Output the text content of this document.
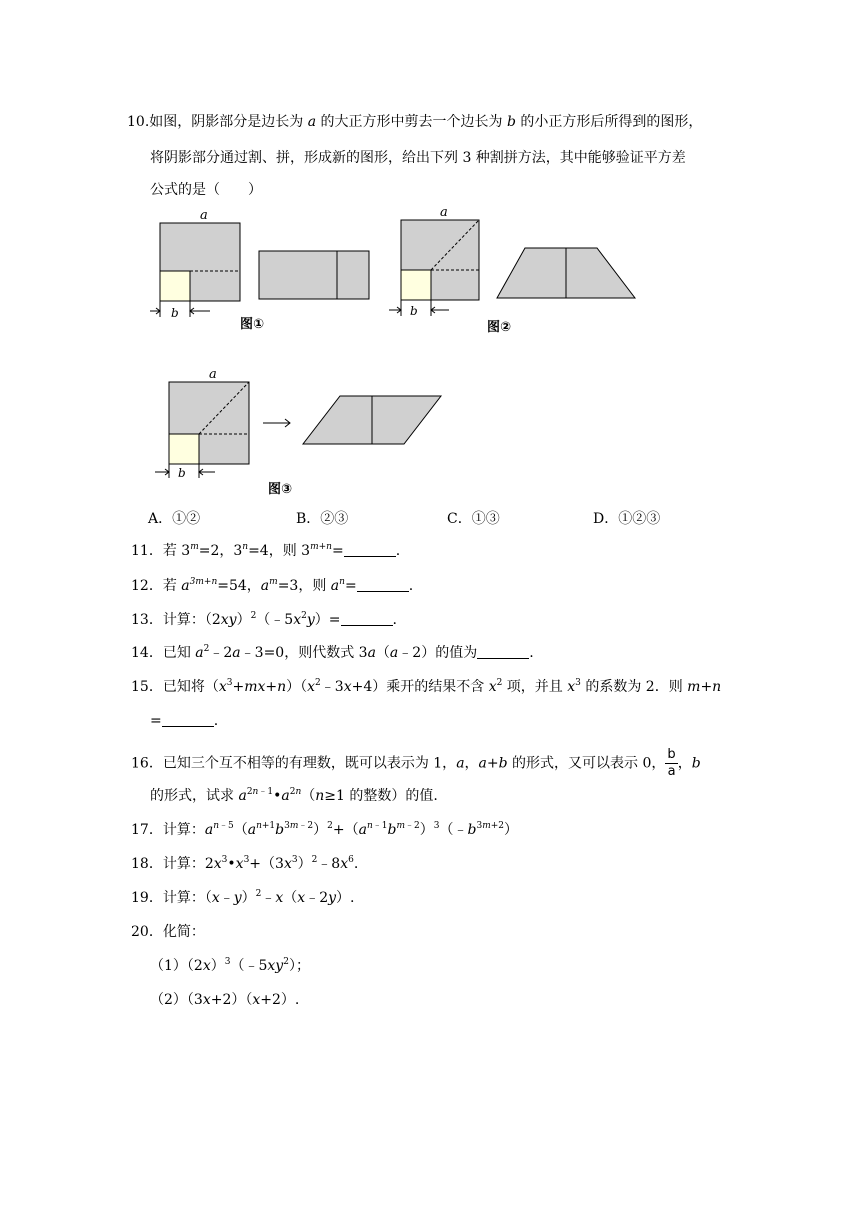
10.如图，阴影部分是边长为 a 的大正方形中剪去一个边长为 b 的小正方形后所得到的图形，
将阴影部分通过割、拼，形成新的图形，给出下列 3 种割拼方法，其中能够验证平方差
公式的是（　　）
a
b
图①
a
b
图②
a
b
图③
A．①②	B．②③	C．①③	D．①②③
11．若 $3^m=2$，$3^n=4$，则 $3^{m+n}=$	.
12．若 $a^{3m+n}=54$，$a^m=3$，则 $a^n=$	.
13．计算：$(2xy)^2(﹣5x^2y)=$	.
14．已知 $a^2﹣2a﹣3=0$，则代数式 3a（a﹣2）的值为	.
15．已知将$(x^3+mx+n)(x^2﹣3x+4)$乘开的结果不含 $x^2$ 项，并且 $x^3$ 的系数为 2．则 m+n
=	.
16．已知三个互不相等的有理数，既可以表示为 1，a，a+b 的形式，又可以表示 0， $\frac{b}{a}$ ，b
的形式，试求 $a^{2n﹣1}•a^{2n}(n\ge 1$ 的整数）的值.
17．计算：$a^{n﹣5}(a^{n+1}b^{3m﹣2})^2+(a^{n﹣1}b^{m﹣2})^3(﹣b^{3m+2})$
18．计算：$2x^3•x^3+(3x^3)^2﹣8x^6$.
19．计算：（x﹣y）$^2$﹣x（x﹣2y）.
20．化简：
$(1)(2x)^3(﹣5xy^2)$；
（2）（3x+2）（x+2）.
